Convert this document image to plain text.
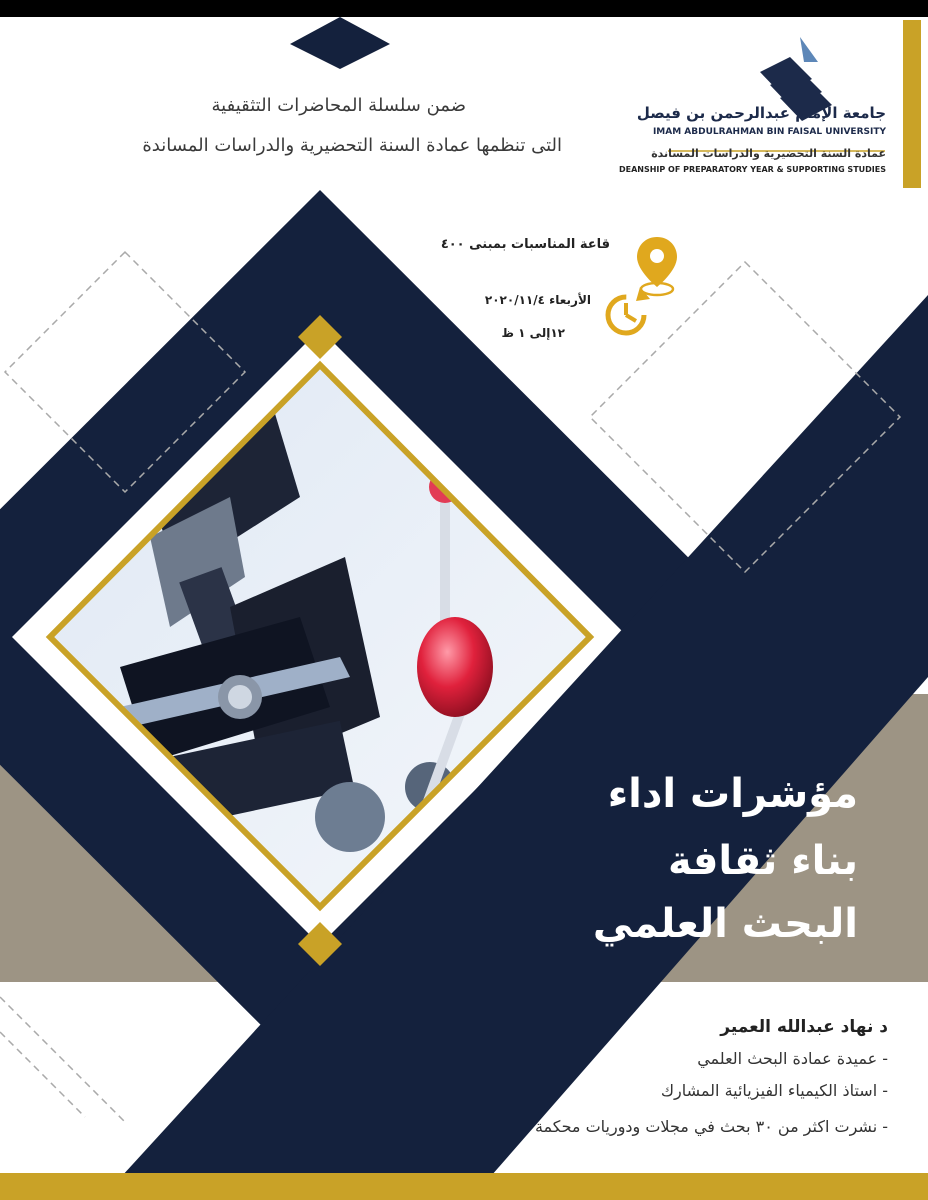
ضمن سلسلة المحاضرات التثقيفية
التى تنظمها عمادة السنة التحضيرية والدراسات المساندة
جامعة الإمام عبدالرحمن بن فيصل
IMAM ABDULRAHMAN BIN FAISAL UNIVERSITY
عمادة السنة التحضيرية والدراسات المساندة
DEANSHIP OF PREPARATORY YEAR & SUPPORTING STUDIES
قاعة المناسبات بمبنى ٤٠٠
الأربعاء ٢٠٢٠/١١/٤
١٢إلى ١ ظ
مؤشرات اداء
بناء ثقافة
البحث العلمي
د نهاد عبدالله العمير
- عميدة عمادة البحث العلمي
- استاذ الكيمياء الفيزيائية المشارك
- نشرت اكثر من ٣٠ بحث في مجلات ودوريات محكمة
